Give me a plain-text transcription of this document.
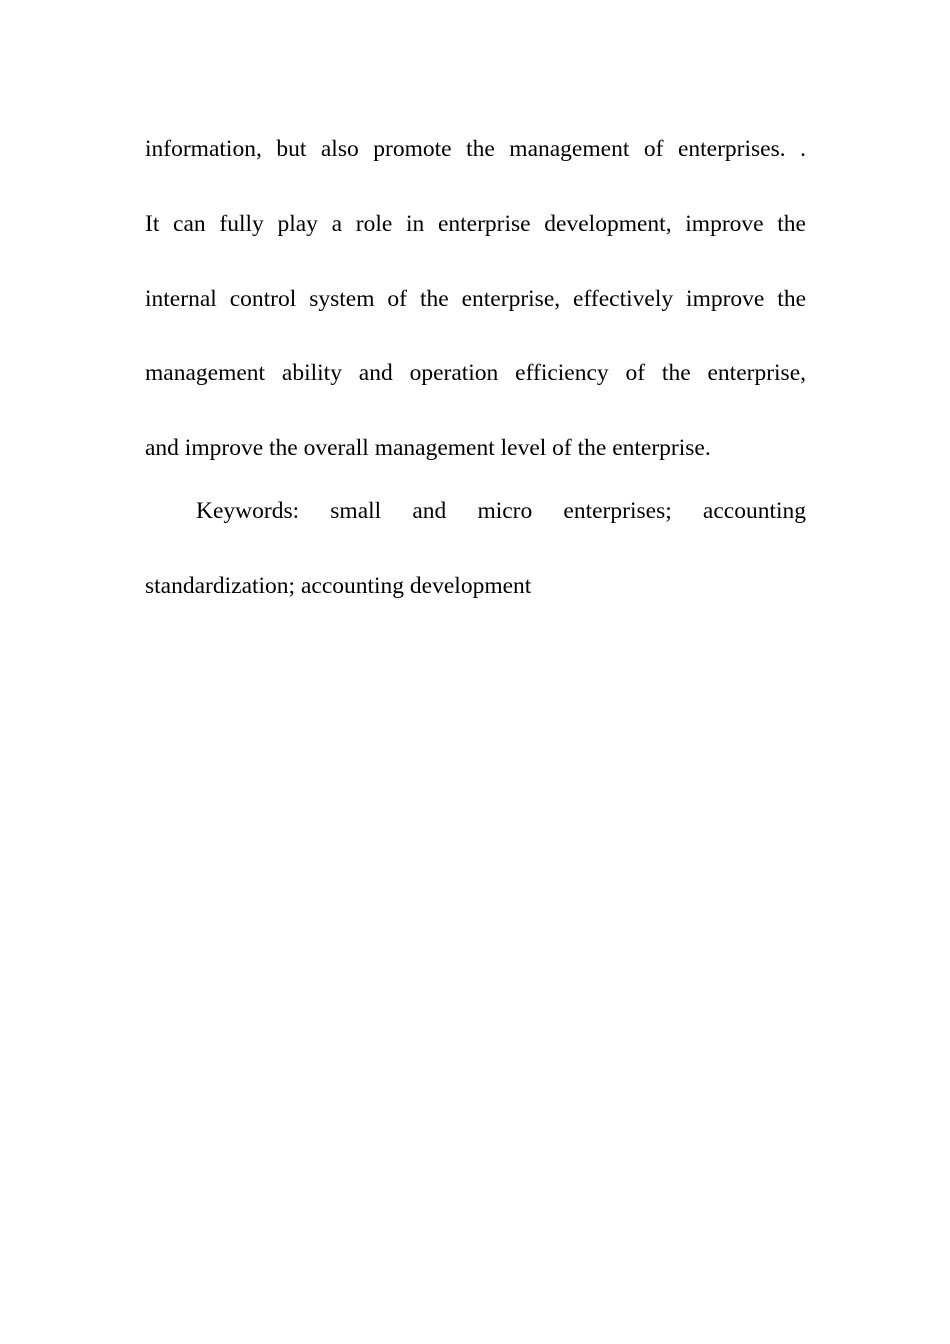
information, but also promote the management of enterprises. .
It can fully play a role in enterprise development, improve the
internal control system of the enterprise, effectively improve the
management ability and operation efficiency of the enterprise,
and improve the overall management level of the enterprise.
Keywords: small and micro enterprises; accounting
standardization; accounting development
